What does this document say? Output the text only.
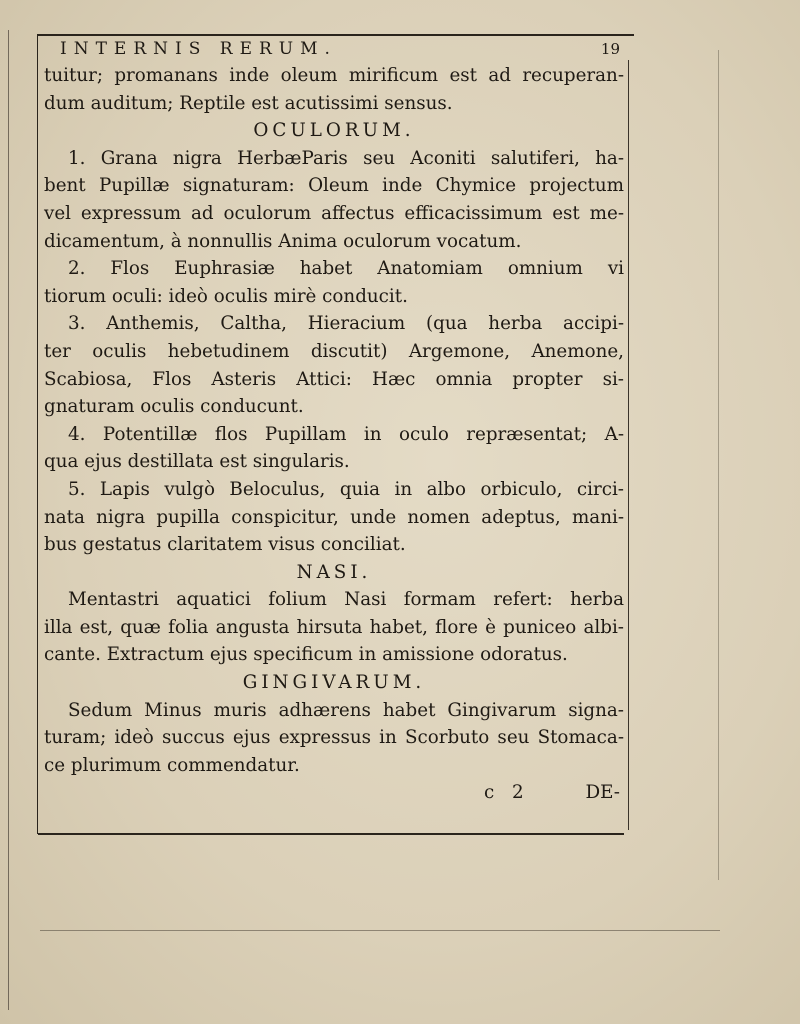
INTERNIS RERUM.	19
tuitur; promanans inde oleum mirificum est ad recuperan-
dum auditum; Reptile est acutissimi sensus.
OCULORUM.
1. Grana nigra HerbæParis seu Aconiti salutiferi, ha-
bent Pupillæ signaturam: Oleum inde Chymice projectum
vel expressum ad oculorum affectus efficacissimum est me-
dicamentum, à nonnullis Anima oculorum vocatum.
2. Flos Euphrasiæ habet Anatomiam omnium vi
tiorum oculi: ideò oculis mirè conducit.
3. Anthemis, Caltha, Hieracium (qua herba accipi-
ter oculis hebetudinem discutit) Argemone, Anemone,
Scabiosa, Flos Asteris Attici: Hæc omnia propter si-
gnaturam oculis conducunt.
4. Potentillæ flos Pupillam in oculo repræsentat; A-
qua ejus destillata est singularis.
5. Lapis vulgò Beloculus, quia in albo orbiculo, circi-
nata nigra pupilla conspicitur, unde nomen adeptus, mani-
bus gestatus claritatem visus conciliat.
NASI.
Mentastri aquatici folium Nasi formam refert: herba
illa est, quæ folia angusta hirsuta habet, flore è puniceo albi-
cante. Extractum ejus specificum in amissione odoratus.
GINGIVARUM.
Sedum Minus muris adhærens habet Gingivarum signa-
turam; ideò succus ejus expressus in Scorbuto seu Stomaca-
ce plurimum commendatur.
c 2	DE-
